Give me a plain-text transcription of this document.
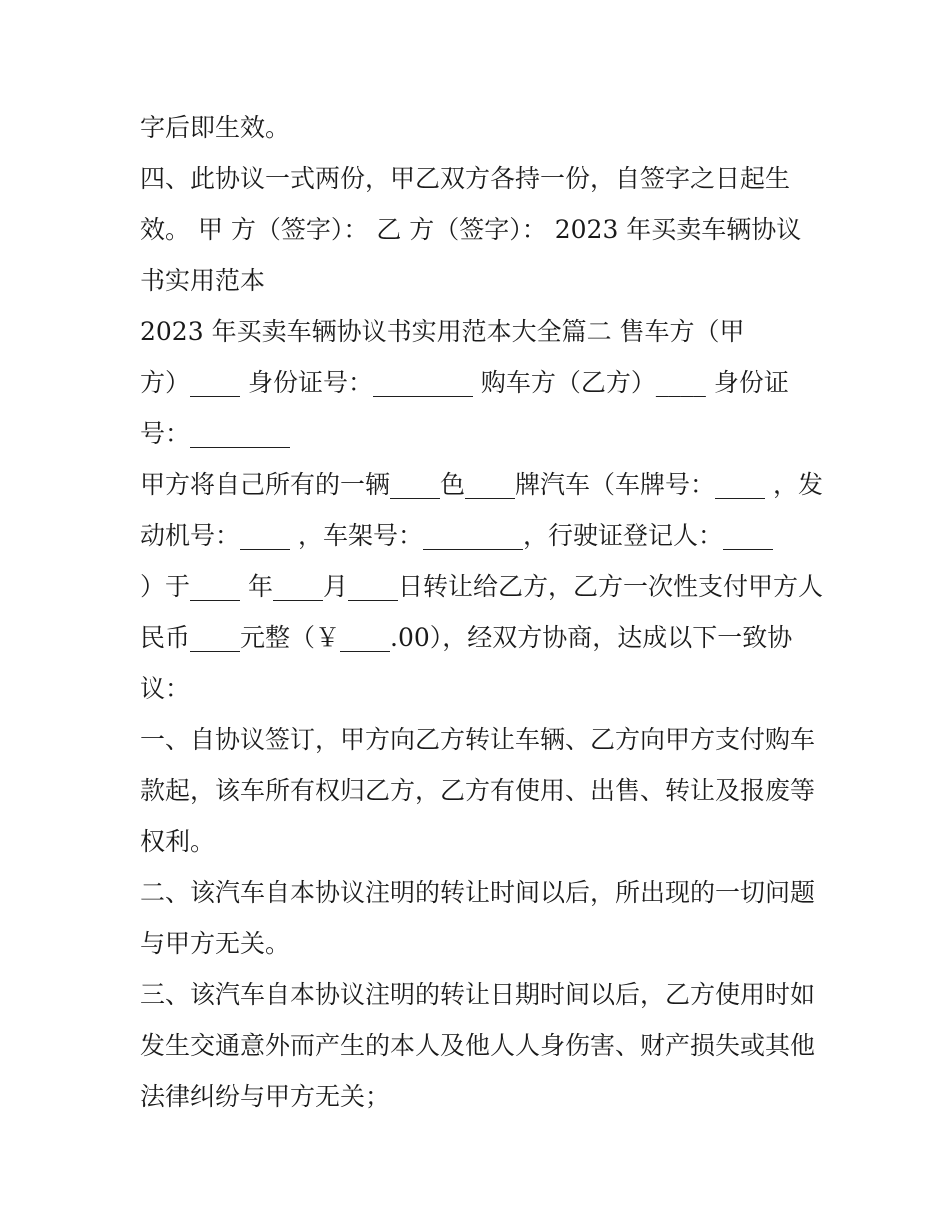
字后即生效。
四、此协议一式两份，甲乙双方各持一份，自签字之日起生
效。 甲 方（签字）： 乙 方（签字）： 2023 年买卖车辆协议
书实用范本
2023 年买卖车辆协议书实用范本大全篇二 售车方（甲
方）____ 身份证号：________ 购车方（乙方）____ 身份证
号：________
甲方将自己所有的一辆____色____牌汽车（车牌号：____ ，发
动机号：____ ，车架号：________，行驶证登记人：____
）于____ 年____月____日转让给乙方，乙方一次性支付甲方人
民币____元整（￥____.00），经双方协商，达成以下一致协
议：
一、自协议签订，甲方向乙方转让车辆、乙方向甲方支付购车
款起，该车所有权归乙方，乙方有使用、出售、转让及报废等
权利。
二、该汽车自本协议注明的转让时间以后，所出现的一切问题
与甲方无关。
三、该汽车自本协议注明的转让日期时间以后，乙方使用时如
发生交通意外而产生的本人及他人人身伤害、财产损失或其他
法律纠纷与甲方无关；
